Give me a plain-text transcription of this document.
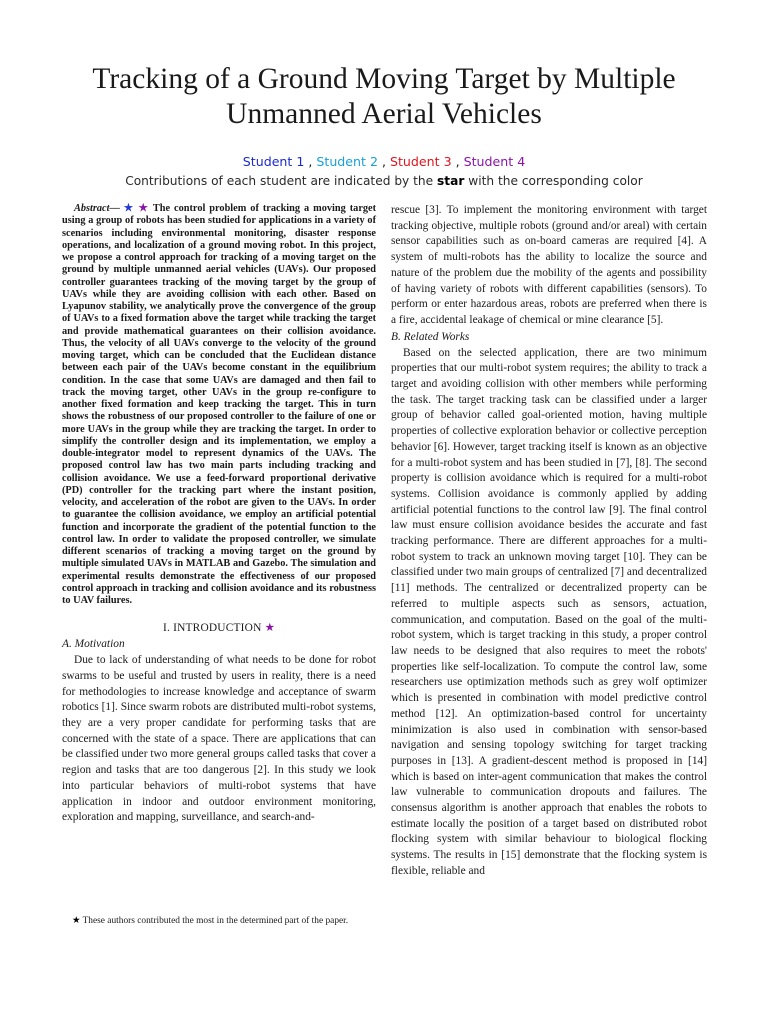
Tracking of a Ground Moving Target by Multiple Unmanned Aerial Vehicles
Student 1 , Student 2 , Student 3 , Student 4
Contributions of each student are indicated by the star with the corresponding color

Abstract— ★ ★ The control problem of tracking a moving target using a group of robots has been studied for applications in a variety of scenarios including environmental monitoring, disaster response operations, and localization of a ground moving robot. In this project, we propose a control approach for tracking of a moving target on the ground by multiple unmanned aerial vehicles (UAVs). Our proposed controller guarantees tracking of the moving target by the group of UAVs while they are avoiding collision with each other. Based on Lyapunov stability, we analytically prove the convergence of the group of UAVs to a fixed formation above the target while tracking the target and provide mathematical guarantees on their collision avoidance. Thus, the velocity of all UAVs converge to the velocity of the ground moving target, which can be concluded that the Euclidean distance between each pair of the UAVs become constant in the equilibrium condition. In the case that some UAVs are damaged and then fail to track the moving target, other UAVs in the group re-configure to another fixed formation and keep tracking the target. This in turn shows the robustness of our proposed controller to the failure of one or more UAVs in the group while they are tracking the target. In order to simplify the controller design and its implementation, we employ a double-integrator model to represent dynamics of the UAVs. The proposed control law has two main parts including tracking and collision avoidance. We use a feed-forward proportional derivative (PD) controller for the tracking part where the instant position, velocity, and acceleration of the robot are given to the UAVs. In order to guarantee the collision avoidance, we employ an artificial potential function and incorporate the gradient of the potential function to the control law. In order to validate the proposed controller, we simulate different scenarios of tracking a moving target on the ground by multiple simulated UAVs in MATLAB and Gazebo. The simulation and experimental results demonstrate the effectiveness of our proposed control approach in tracking and collision avoidance and its robustness to UAV failures.

I. INTRODUCTION ★
A. Motivation

Due to lack of understanding of what needs to be done for robot swarms to be useful and trusted by users in reality, there is a need for methodologies to increase knowledge and acceptance of swarm robotics [1]. Since swarm robots are distributed multi-robot systems, they are a very proper candidate for performing tasks that are concerned with the state of a space. There are applications that can be classified under two more general groups called tasks that cover a region and tasks that are too dangerous [2]. In this study we look into particular behaviors of multi-robot systems that have application in indoor and outdoor environment monitoring, exploration and mapping, surveillance, and search-and-

★ These authors contributed the most in the determined part of the paper.

rescue [3]. To implement the monitoring environment with target tracking objective, multiple robots (ground and/or areal) with certain sensor capabilities such as on-board cameras are required [4]. A system of multi-robots has the ability to localize the source and nature of the problem due the mobility of the agents and possibility of having variety of robots with different capabilities (sensors). To perform or enter hazardous areas, robots are preferred when there is a fire, accidental leakage of chemical or mine clearance [5].

B. Related Works

Based on the selected application, there are two minimum properties that our multi-robot system requires; the ability to track a target and avoiding collision with other members while performing the task. The target tracking task can be classified under a larger group of behavior called goal-oriented motion, having multiple properties of collective exploration behavior or collective perception behavior [6]. However, target tracking itself is known as an objective for a multi-robot system and has been studied in [7], [8]. The second property is collision avoidance which is required for a multi-robot systems. Collision avoidance is commonly applied by adding artificial potential functions to the control law [9]. The final control law must ensure collision avoidance besides the accurate and fast tracking performance. There are different approaches for a multi-robot system to track an unknown moving target [10]. They can be classified under two main groups of centralized [7] and decentralized [11] methods. The centralized or decentralized property can be referred to multiple aspects such as sensors, actuation, communication, and computation. Based on the goal of the multi-robot system, which is target tracking in this study, a proper control law needs to be designed that also requires to meet the robots' properties like self-localization. To compute the control law, some researchers use optimization methods such as grey wolf optimizer which is presented in combination with model predictive control method [12]. An optimization-based control for uncertainty minimization is also used in combination with sensor-based navigation and sensing topology switching for target tracking purposes in [13]. A gradient-descent method is proposed in [14] which is based on inter-agent communication that makes the control law vulnerable to communication dropouts and failures. The consensus algorithm is another approach that enables the robots to estimate locally the position of a target based on distributed robot flocking system with similar behaviour to biological flocking systems. The results in [15] demonstrate that the flocking system is flexible, reliable and
